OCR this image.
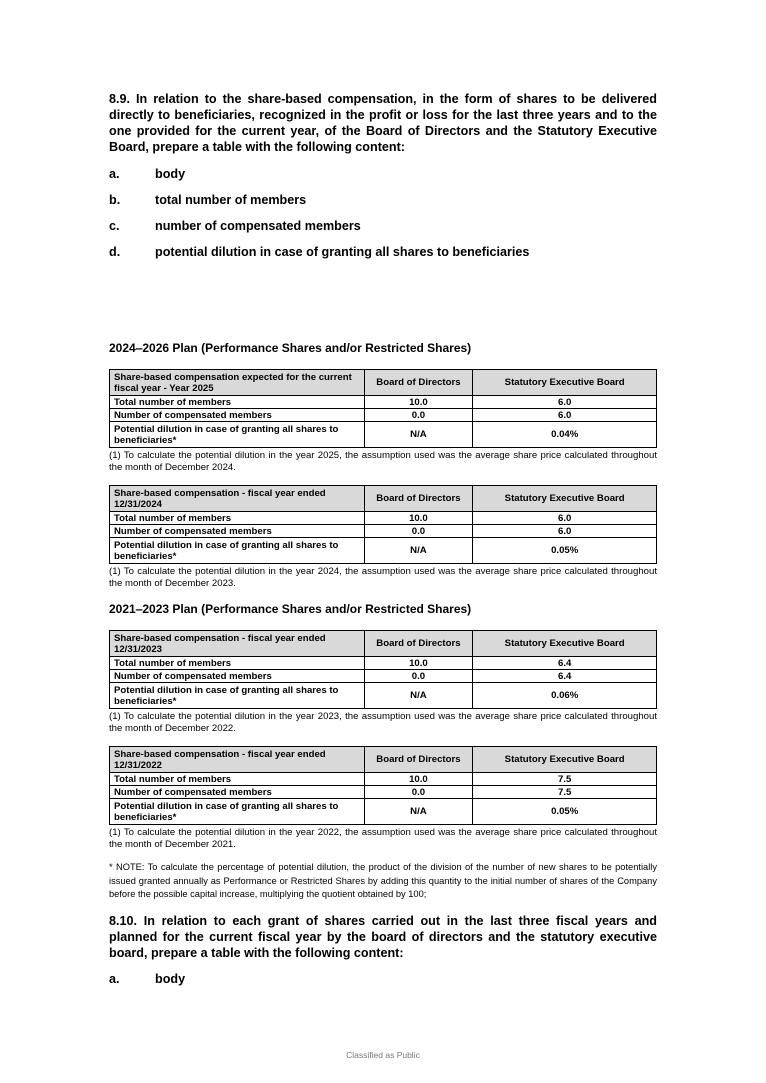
8.9. In relation to the share-based compensation, in the form of shares to be delivered directly to beneficiaries, recognized in the profit or loss for the last three years and to the one provided for the current year, of the Board of Directors and the Statutory Executive Board, prepare a table with the following content:
a.	body
b.	total number of members
c.	number of compensated members
d.	potential dilution in case of granting all shares to beneficiaries
2024‒2026 Plan (Performance Shares and/or Restricted Shares)
Share-based compensation expected for the current fiscal year - Year 2025	Board of Directors	Statutory Executive Board
Total number of members	10.0	6.0
Number of compensated members	0.0	6.0
Potential dilution in case of granting all shares to beneficiaries*	N/A	0.04%
(1) To calculate the potential dilution in the year 2025, the assumption used was the average share price calculated throughout the month of December 2024.
Share-based compensation - fiscal year ended 12/31/2024	Board of Directors	Statutory Executive Board
Total number of members	10.0	6.0
Number of compensated members	0.0	6.0
Potential dilution in case of granting all shares to beneficiaries*	N/A	0.05%
(1) To calculate the potential dilution in the year 2024, the assumption used was the average share price calculated throughout the month of December 2023.
2021‒2023 Plan (Performance Shares and/or Restricted Shares)
Share-based compensation - fiscal year ended 12/31/2023	Board of Directors	Statutory Executive Board
Total number of members	10.0	6.4
Number of compensated members	0.0	6.4
Potential dilution in case of granting all shares to beneficiaries*	N/A	0.06%
(1) To calculate the potential dilution in the year 2023, the assumption used was the average share price calculated throughout the month of December 2022.
Share-based compensation - fiscal year ended 12/31/2022	Board of Directors	Statutory Executive Board
Total number of members	10.0	7.5
Number of compensated members	0.0	7.5
Potential dilution in case of granting all shares to beneficiaries*	N/A	0.05%
(1) To calculate the potential dilution in the year 2022, the assumption used was the average share price calculated throughout the month of December 2021.
* NOTE: To calculate the percentage of potential dilution, the product of the division of the number of new shares to be potentially issued granted annually as Performance or Restricted Shares by adding this quantity to the initial number of shares of the Company before the possible capital increase, multiplying the quotient obtained by 100;
8.10. In relation to each grant of shares carried out in the last three fiscal years and planned for the current fiscal year by the board of directors and the statutory executive board, prepare a table with the following content:
a.	body
Classified as Public
